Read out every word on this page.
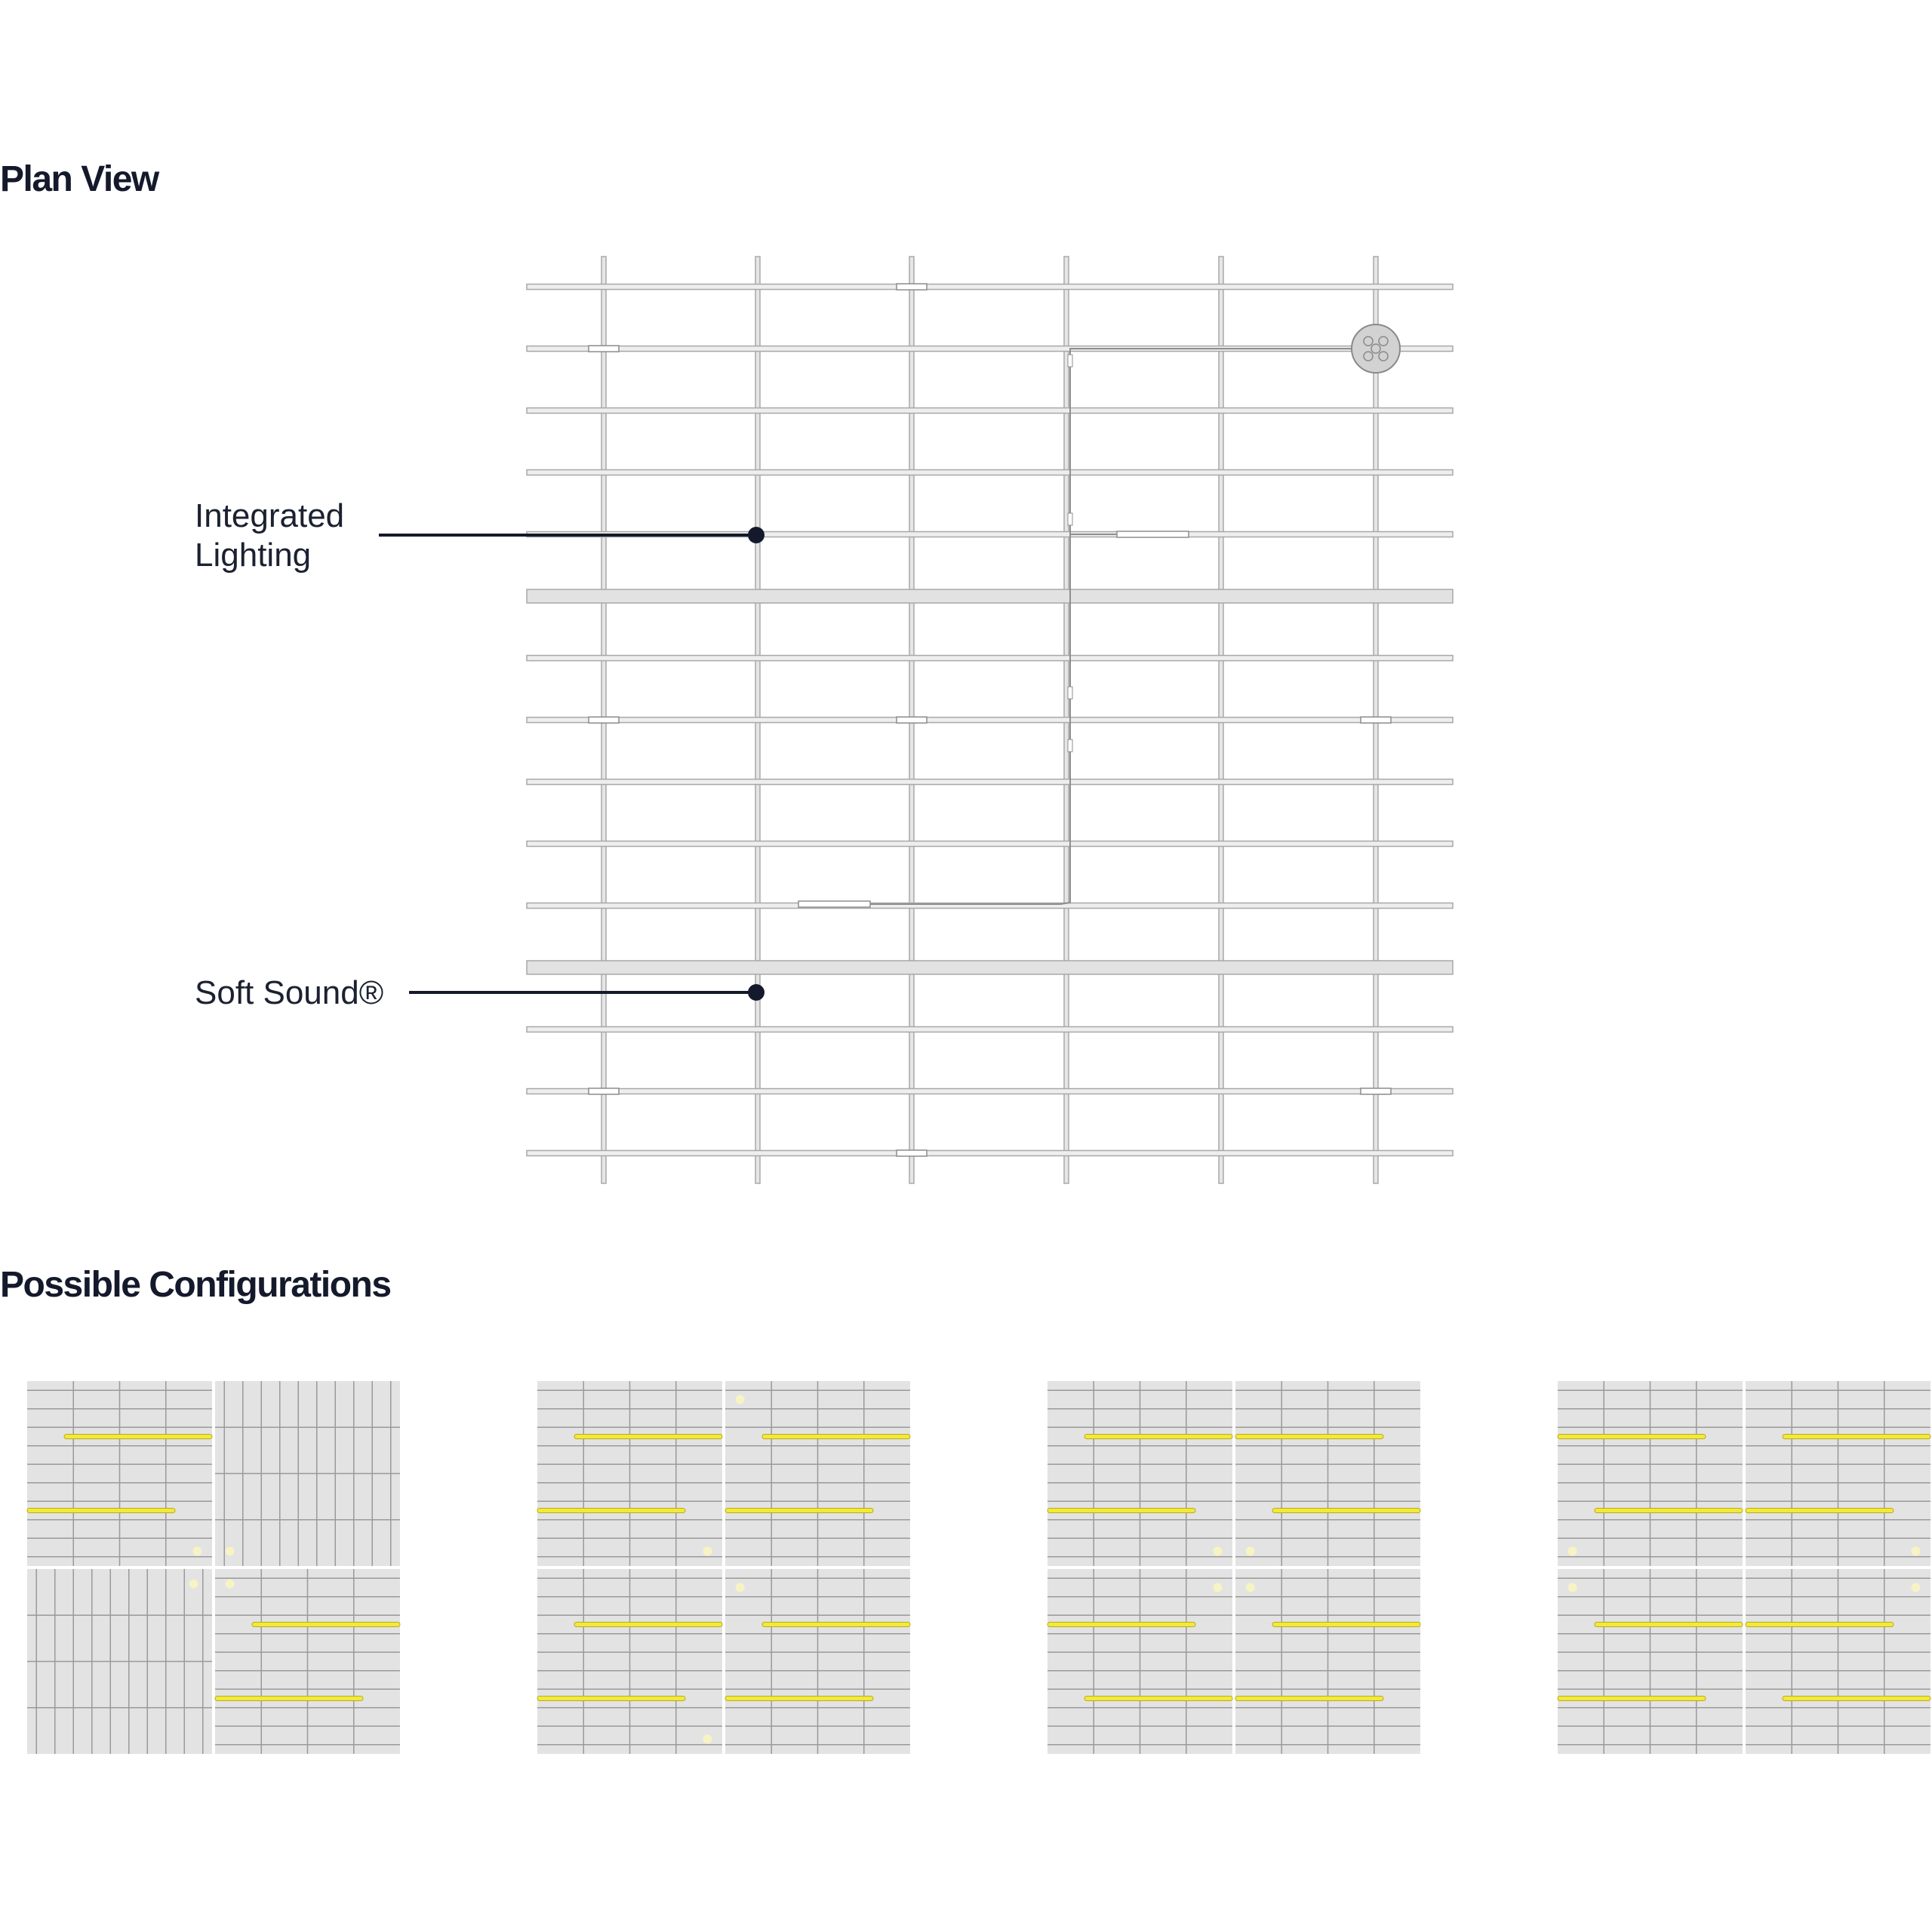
Plan View
Possible Configurations
Integrated
Lighting
Soft Sound®
